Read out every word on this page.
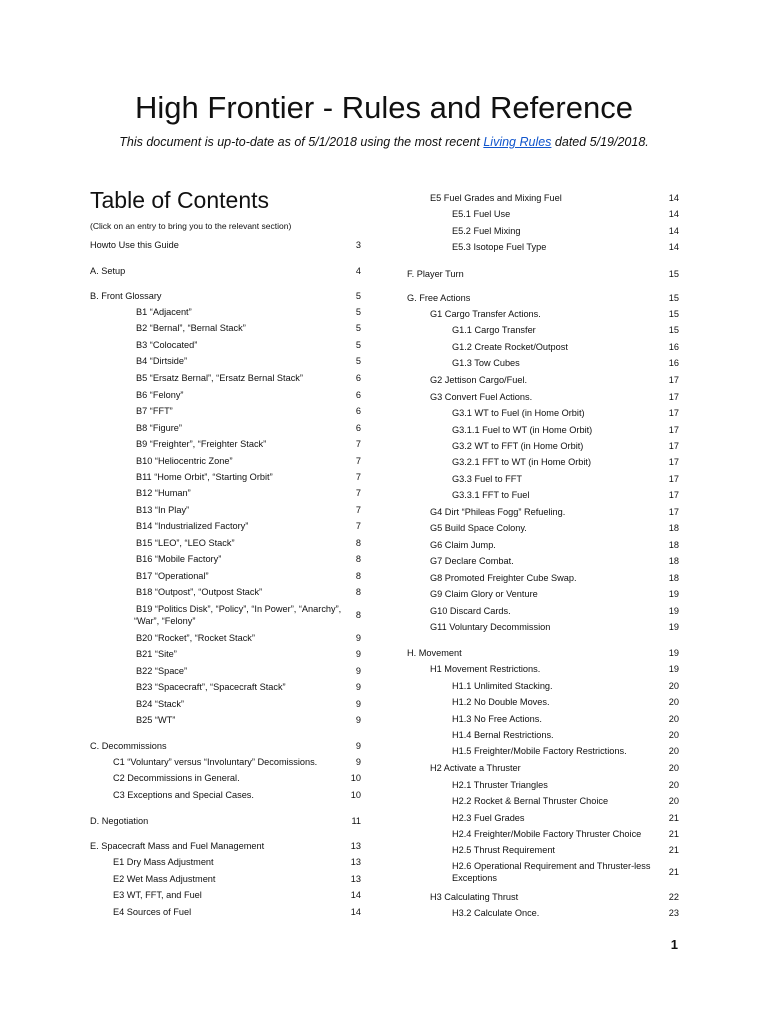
High Frontier - Rules and Reference

This document is up-to-date as of 5/1/2018 using the most recent Living Rules dated 5/19/2018.

Table of Contents

(Click on an entry to bring you to the relevant section)

Howto Use this Guide	3
A. Setup	4
B. Front Glossary	5
B1 “Adjacent”	5
B2 “Bernal”, “Bernal Stack”	5
B3 “Colocated”	5
B4 “Dirtside”	5
B5 “Ersatz Bernal”, “Ersatz Bernal Stack”	6
B6 “Felony”	6
B7 “FFT”	6
B8 “Figure”	6
B9 “Freighter”, “Freighter Stack”	7
B10 “Heliocentric Zone”	7
B11 “Home Orbit”, “Starting Orbit”	7
B12 “Human”	7
B13 “In Play”	7
B14 “Industrialized Factory”	7
B15 “LEO”, “LEO Stack”	8
B16 “Mobile Factory”	8
B17 “Operational”	8
B18 “Outpost”, “Outpost Stack”	8
B19 “Politics Disk”, “Policy”, “In Power”, “Anarchy”,
“War”, “Felony”
8
B20 “Rocket”, “Rocket Stack”	9
B21 “Site”	9
B22 “Space”	9
B23 “Spacecraft”, “Spacecraft Stack”	9
B24 “Stack”	9
B25 “WT”	9
C. Decommissions	9
C1 “Voluntary” versus “Involuntary” Decomissions.	9
C2 Decommissions in General.	10
C3 Exceptions and Special Cases.	10
D. Negotiation	11
E. Spacecraft Mass and Fuel Management	13
E1 Dry Mass Adjustment	13
E2 Wet Mass Adjustment	13
E3 WT, FFT, and Fuel	14
E4 Sources of Fuel	14
E5 Fuel Grades and Mixing Fuel	14
E5.1 Fuel Use	14
E5.2 Fuel Mixing	14
E5.3 Isotope Fuel Type	14
F. Player Turn	15
G. Free Actions	15
G1 Cargo Transfer Actions.	15
G1.1 Cargo Transfer	15
G1.2 Create Rocket/Outpost	16
G1.3 Tow Cubes	16
G2 Jettison Cargo/Fuel.	17
G3 Convert Fuel Actions.	17
G3.1 WT to Fuel (in Home Orbit)	17
G3.1.1 Fuel to WT (in Home Orbit)	17
G3.2 WT to FFT (in Home Orbit)	17
G3.2.1 FFT to WT (in Home Orbit)	17
G3.3 Fuel to FFT	17
G3.3.1 FFT to Fuel	17
G4 Dirt “Phileas Fogg” Refueling.	17
G5 Build Space Colony.	18
G6 Claim Jump.	18
G7 Declare Combat.	18
G8 Promoted Freighter Cube Swap.	18
G9 Claim Glory or Venture	19
G10 Discard Cards.	19
G11 Voluntary Decommission	19
H. Movement	19
H1 Movement Restrictions.	19
H1.1 Unlimited Stacking.	20
H1.2 No Double Moves.	20
H1.3 No Free Actions.	20
H1.4 Bernal Restrictions.	20
H1.5 Freighter/Mobile Factory Restrictions.	20
H2 Activate a Thruster	20
H2.1 Thruster Triangles	20
H2.2 Rocket & Bernal Thruster Choice	20
H2.3 Fuel Grades	21
H2.4 Freighter/Mobile Factory Thruster Choice	21
H2.5 Thrust Requirement	21
H2.6 Operational Requirement and Thruster-less
Exceptions
21
H3 Calculating Thrust	22
H3.2 Calculate Once.	23
1
